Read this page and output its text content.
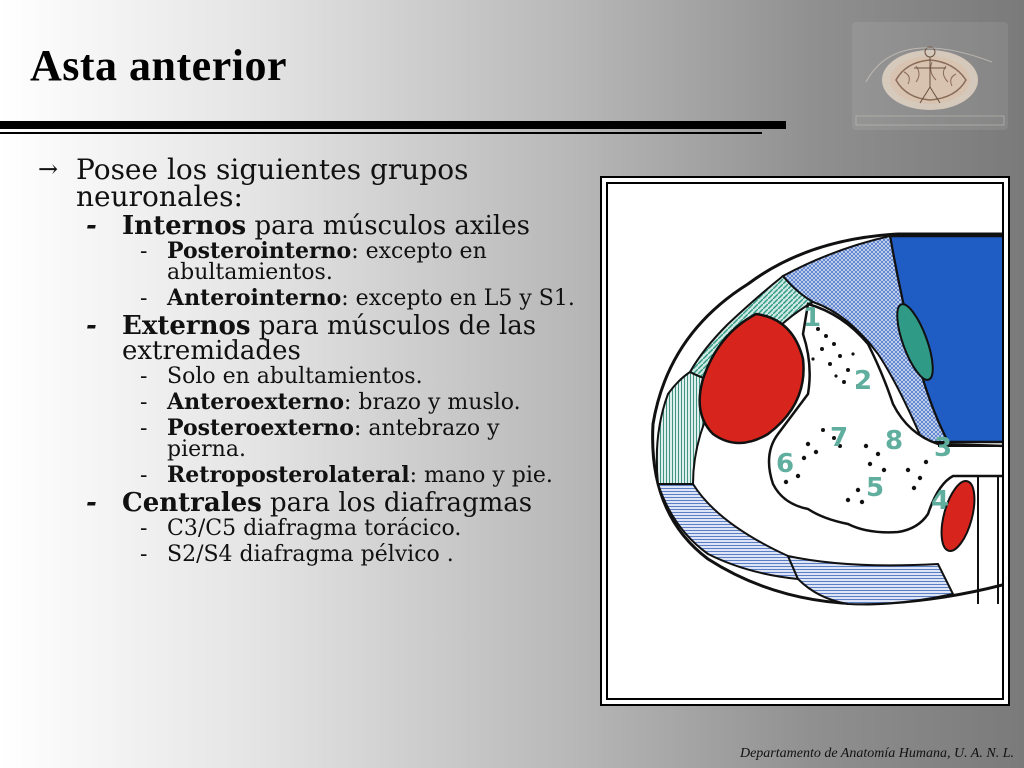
Asta anterior
→ Posee los siguientes grupos neuronales:
- Internos para músculos axiles
- Posterointerno: excepto en abultamientos.
- Anterointerno: excepto en L5 y S1.
- Externos para músculos de las extremidades
- Solo en abultamientos.
- Anteroexterno: brazo y muslo.
- Posteroexterno: antebrazo y pierna.
- Retroposterolateral: mano y pie.
- Centrales para los diafragmas
- C3/C5 diafragma torácico.
- S2/S4 diafragma pélvico .
1
2
3
4
5
6
7 8
Departamento de Anatomía Humana, U. A. N. L.
